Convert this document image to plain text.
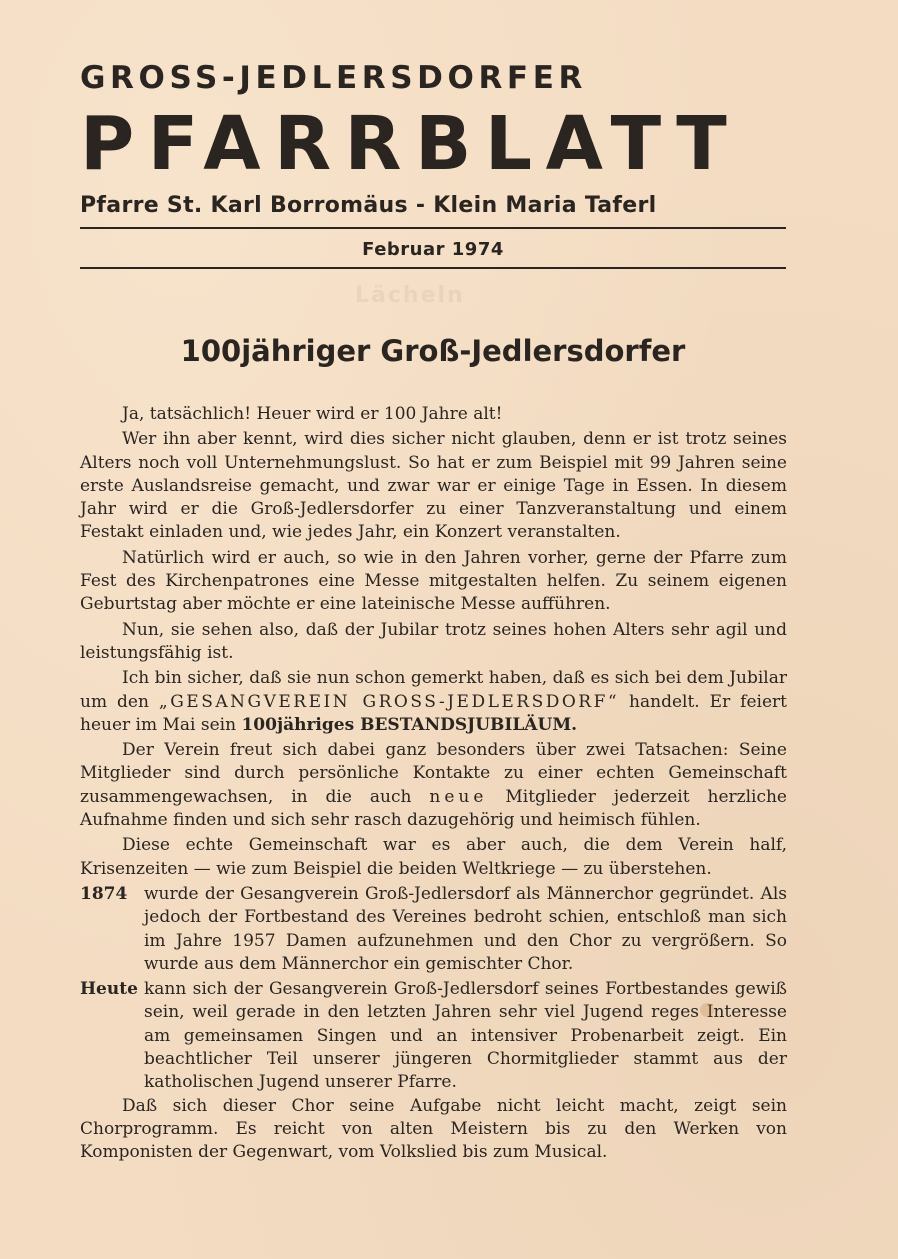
GROSS-JEDLERSDORFER
PFARRBLATT
Pfarre St. Karl Borromäus - Klein Maria Taferl
Februar 1974
Lächeln
100jähriger Groß-Jedlersdorfer

Ja, tatsächlich! Heuer wird er 100 Jahre alt!

Wer ihn aber kennt, wird dies sicher nicht glauben, denn er ist trotz seines Alters noch voll Unternehmungslust. So hat er zum Beispiel mit 99 Jahren seine erste Auslandsreise gemacht, und zwar war er einige Tage in Essen. In diesem Jahr wird er die Groß-Jedlersdorfer zu einer Tanzveranstaltung und einem Festakt einladen und, wie jedes Jahr, ein Konzert veranstalten.

Natürlich wird er auch, so wie in den Jahren vorher, gerne der Pfarre zum Fest des Kirchenpatrones eine Messe mitgestalten helfen. Zu seinem eigenen Geburtstag aber möchte er eine lateinische Messe aufführen.

Nun, sie sehen also, daß der Jubilar trotz seines hohen Alters sehr agil und leistungsfähig ist.

Ich bin sicher, daß sie nun schon gemerkt haben, daß es sich bei dem Jubilar um den „GESANGVEREIN GROSS-JEDLERSDORF“ handelt. Er feiert heuer im Mai sein 100jähriges BESTANDSJUBILÄUM.

Der Verein freut sich dabei ganz besonders über zwei Tatsachen: Seine Mitglieder sind durch persönliche Kontakte zu einer echten Gemeinschaft zusammengewachsen, in die auch neue Mitglieder jederzeit herzliche Aufnahme finden und sich sehr rasch dazugehörig und heimisch fühlen.

Diese echte Gemeinschaft war es aber auch, die dem Verein half, Krisenzeiten — wie zum Beispiel die beiden Weltkriege — zu überstehen.

1874 wurde der Gesangverein Groß-Jedlersdorf als Männerchor gegründet. Als jedoch der Fortbestand des Vereines bedroht schien, entschloß man sich im Jahre 1957 Damen aufzunehmen und den Chor zu vergrößern. So wurde aus dem Männerchor ein gemischter Chor.
Heute kann sich der Gesangverein Groß-Jedlersdorf seines Fortbestandes gewiß sein, weil gerade in den letzten Jahren sehr viel Jugend reges Interesse am gemeinsamen Singen und an intensiver Probenarbeit zeigt. Ein beachtlicher Teil unserer jüngeren Chormitglieder stammt aus der katholischen Jugend unserer Pfarre.

Daß sich dieser Chor seine Aufgabe nicht leicht macht, zeigt sein Chorprogramm. Es reicht von alten Meistern bis zu den Werken von Komponisten der Gegenwart, vom Volkslied bis zum Musical.
